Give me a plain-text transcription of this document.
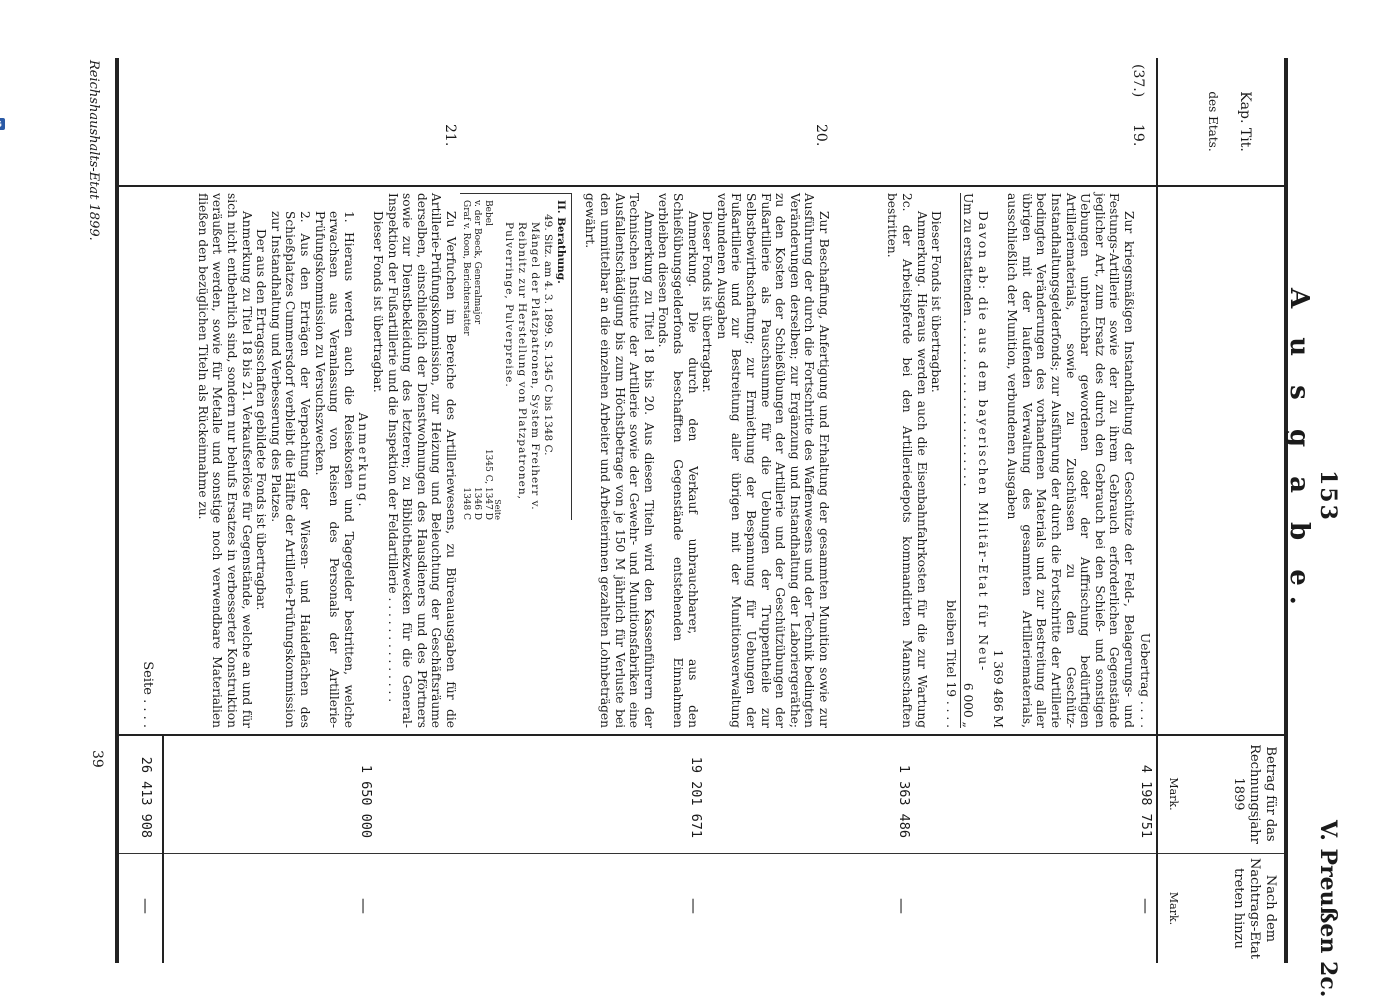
153
V. Preußen 2c.
Kap. Tit.
des Etats.
A u s g a b e.
Betrag für das Rechnungsjahr 1899
Mark.
Nach dem Nachtrags-Etat treten hinzu
Mark.
(37.)
19.
Uebertrag . . . .
4 198 751

Zur kriegsmäßigen Instandhaltung der Geschütze der Feld-, Belagerungs- und Festungs-Artillerie sowie der zu ihrem Gebrauch erforderlichen Gegenstände jeglicher Art, zum Ersatz des durch den Gebrauch bei den Schieß- und sonstigen Uebungen unbrauchbar gewordenen oder der Auffrischung bedürftigen Artilleriematerials, sowie zu Zuschüssen zu den Geschütz-Instandhaltungsgelderfonds; zur Ausführung der durch die Fortschritte der Artillerie bedingten Veränderungen des vorhandenen Materials und zur Bestreitung aller übrigen mit der laufenden Verwaltung des gesammten Artilleriematerials, ausschließlich der Munition, verbundenen Ausgaben

1 369 486 M

Davon ab: die aus dem bayerischen Militär-Etat für Neu-

Um zu erstattenden . . . . . . . . . . . . . . . . . . . . . .
6 000 „

bleiben Titel 19 . . . .

Dieser Fonds ist übertragbar.

Anmerkung. Hieraus werden auch die Eisenbahnfahrkosten für die zur Wartung 2c. der Arbeitspferde bei den Artilleriedepots kommandirten Mannschaften bestritten.

1 363 486
20.

Zur Beschaffung, Anfertigung und Erhaltung der gesammten Munition sowie zur Ausführung der durch die Fortschritte des Waffenwesens und der Technik bedingten Veränderungen derselben; zur Ergänzung und Instandhaltung der Laboriergeräthe; zu den Kosten der Schießübungen der Artillerie und der Geschützübungen der Fußartillerie als Pauschsumme für die Uebungen der Truppentheile zur Selbstbewirthschaftung; zur Ermiethung der Bespannung für Uebungen der Fußartillerie und zur Bestreitung aller übrigen mit der Munitionsverwaltung verbundenen Ausgaben

Dieser Fonds ist übertragbar.

Anmerkung. Die durch den Verkauf unbrauchbarer, aus den Schießübungsgelderfonds beschafften Gegenstände entstehenden Einnahmen verbleiben diesen Fonds.

Anmerkung zu Titel 18 bis 20. Aus diesen Titeln wird den Kassenführern der Technischen Institute der Artillerie sowie der Gewehr- und Munitionsfabriken eine Ausfallentschädigung bis zum Höchstbetrage von je 150 M jährlich für Verluste bei den unmittelbar an die einzelnen Arbeiter und Arbeiterinnen gezahlten Lohnbeträgen gewährt.

19 201 671
II. Berathung.
49. Sitz. am 4. 3. 1899. S. 1345 C bis 1348 C.
Mängel der Platzpatronen, System Freiherr v. Reibnitz zur Herstellung von Platzpatronen, Pulverringe, Pulverpreise.
Seite
Bebel
1345 C, 1347 D
v. der Boeck, Generalmajor
1346 D
Graf v. Roon, Berichterstatter
1348 C
21.

Zu Verfuchen im Bereiche des Artilleriewesens, zu Büreauausgaben für die Artillerie-Prüfungskommission, zur Heizung und Beleuchtung der Geschäftsräume derselben, einschließlich der Dienstwohnungen des Hausdieners und des Pförtners sowie zur Dienstbekleidung des letzteren; zu Bibliothekzwecken für die General-Inspektion der Fußartillerie und die Inspektion der Feldartillerie . . . . . . . . . . . . . .

Dieser Fonds ist übertragbar.

Anmerkung.

1. Hieraus werden auch die Reisekosten und Tagegelder bestritten, welche erwachsen aus Veranlassung von Reisen des Personals der Artillerie-Prüfungskommission zu Versuchszwecken.

2. Aus den Erträgen der Verpachtung der Wiesen- und Haideflächen des Schießplatzes Cummersdorf verbleibt die Hälfte der Artillerie-Prüfungskommission zur Instandhaltung und Verbesserung des Platzes.

Der aus den Ertragsschaften gebildete Fonds ist übertragbar.

Anmerkung zu Titel 18 bis 21. Verkaufserlöse für Gegenstände, welche an und für sich nicht entbehrlich sind, sondern nur behufs Ersatzes in verbesserter Konstruktion veräußert werden, sowie für Metalle und sonstige noch verwendbare Materialien fließen den bezüglichen Titeln als Rückeinnahme zu.

1 650 000
—
—
—
—
—
Seite . . . .
26 413 908
Reichshaushalts-Etat 1899.
39
